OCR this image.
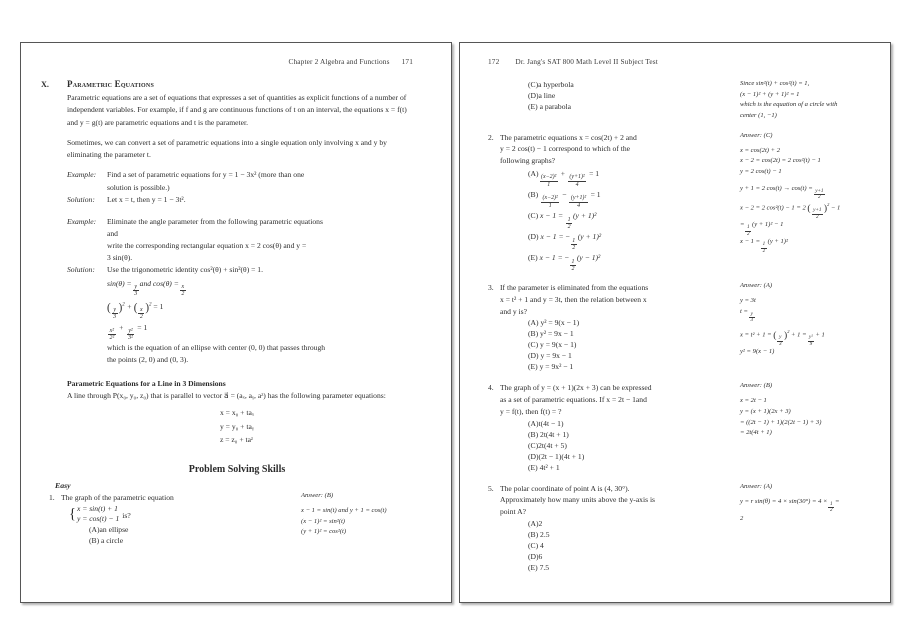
Chapter 2 Algebra and Functions 171
X.	Parametric Equations

Parametric equations are a set of equations that expresses a set of quantities as explicit functions of a number of independent variables. For example, if f and g are continuous functions of t on an interval, the equations x = f(t) and y = g(t) are parametric equations and t is the parameter.

Sometimes, we can convert a set of parametric equations into a single equation only involving x and y by eliminating the parameter t.

Example:	Find a set of parametric equations for y = 1 − 3x² (more than one
solution is possible.)
Solution:	Let x = t, then y = 1 − 3t².
Example:	Eliminate the angle parameter from the following parametric equations
and
write the corresponding rectangular equation x = 2 cos(θ) and y =
3 sin(θ).
Solution:	Use the trigonometric identity cos²(θ) + sin²(θ) = 1.
sin(θ) =
$\frac{y}{3}$
and cos(θ) =
$\frac{x}{2}$
( $\frac{y}{3} )^2$ + ( $\frac{x}{2} )^2 = 1$
$\frac{\text{x²}}{\text{2²}}$
+
$\frac{\text{y²}}{\text{3²}}$
= 1
which is the equation of an ellipse with center (0, 0) that passes through
the points (2, 0) and (0, 3).
Parametric Equations for a Line in 3 Dimensions

A line through P(x₀, y₀, z₀) that is parallel to vector a⃗ = (aₓ, aᵧ, aᶻ) has the following parameter equations:

x = x₀ + taₓ
y = y₀ + taᵧ
z = z₀ + taᶻ
Problem Solving Skills
Easy
1. The graph of the parametric equation
{ x = sin(t) + 1
y = cos(t) − 1 is?
(A)an ellipse
(B) a circle
Answer: (B)
x − 1 = sin(t) and y + 1 = cos(t)
(x − 1)² = sin²(t)
(y + 1)² = cos²(t)
172 Dr. Jang's SAT 800 Math Level II Subject Test
(C)a hyperbola
(D)a line
(E) a parabola
Since sin²(t) + cos²(t) = 1,
(x − 1)² + (y + 1)² = 1
which is the equation of a circle with
center (1, −1)
2. The parametric equations x = cos(2t) + 2 and
y = 2 cos(t) − 1 correspond to which of the
following graphs?
(A)
$\frac{\text{(x−2)²}}{1}$
+
$\frac{\text{(y+1)²}}{4}$
= 1
(B)
$\frac{\text{(x−2)²}}{1}$
−
$\frac{\text{(y+1)²}}{4}$
= 1
(C) x − 1 =
$\frac{1}{2}$
(y + 1)²
(D) x − 1 = −
$\frac{1}{2}$
(y + 1)²
(E) x − 1 = −
$\frac{1}{2}$
(y − 1)²
Answer: (C)
x = cos(2t) + 2
x − 2 = cos(2t) = 2 cos²(t) − 1
y = 2 cos(t) − 1
y + 1 = 2 cos(t) → cos(t) =
$\frac{y+1}{2}$
x − 2 = 2 cos²(t) − 1 = 2 ( $\frac{y+1}{2} )^2 - 1$
=
$\frac{1}{2}$
(y + 1)² − 1
x − 1 =
$\frac{1}{2}$
(y + 1)²
3. If the parameter is eliminated from the equations
x = t² + 1 and y = 3t, then the relation between x
and y is?
(A) y² = 9(x − 1)
(B) y² = 9x − 1
(C) y = 9(x − 1)
(D) y = 9x − 1
(E) y = 9x² − 1
Answer: (A)
y = 3t
t =
$\frac{y}{3}$
x = t² + 1 = ( $\frac{y}{3} )^2 + 1$ =
$\frac{\text{y²}}{9}$
+ 1
y² = 9(x − 1)
4. The graph of y = (x + 1)(2x + 3) can be expressed
as a set of parametric equations. If x = 2t − 1and
y = f(t), then f(t) = ?
(A)t(4t − 1)
(B) 2t(4t + 1)
(C)2t(4t + 5)
(D)(2t − 1)(4t + 1)
(E) 4t² + 1
Answer: (B)
x = 2t − 1
y = (x + 1)(2x + 3)
= ((2t − 1) + 1)(2(2t − 1) + 3)
= 2t(4t + 1)
5. The polar coordinate of point A is (4, 30°).
Approximately how many units above the y-axis is
point A?
(A)2
(B) 2.5
(C) 4
(D)6
(E) 7.5
Answer: (A)
y = r sin(θ) = 4 × sin(30°) = 4 ×
$\frac{1}{2}$
=
2
